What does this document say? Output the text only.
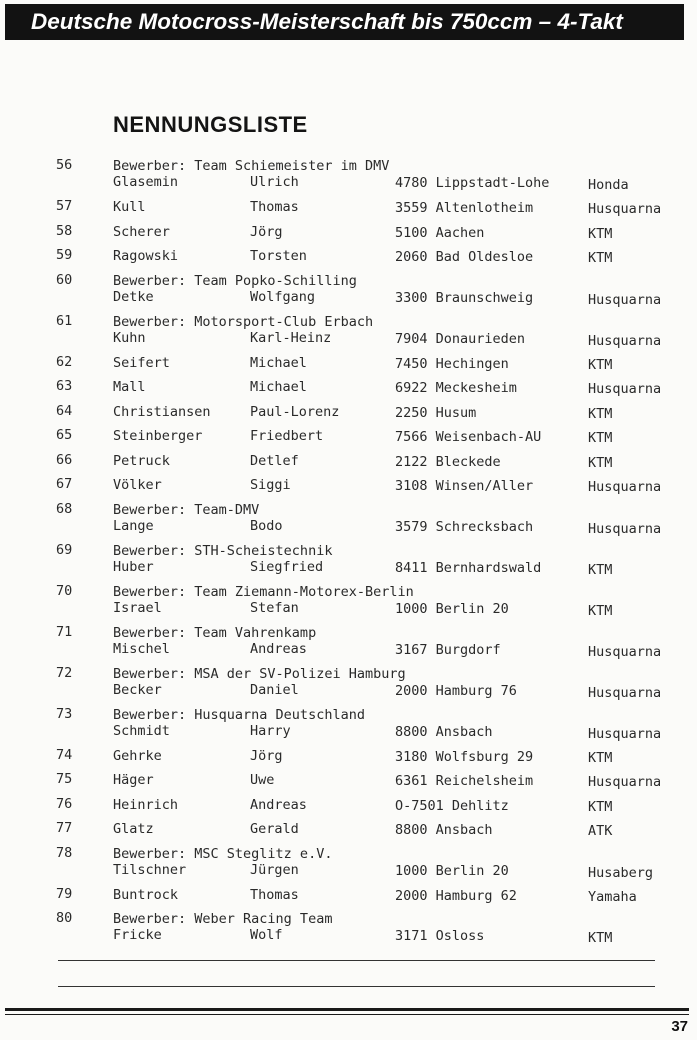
Deutsche Motocross-Meisterschaft bis 750ccm – 4-Takt
NENNUNGSLISTE
56	Bewerber: Team Schiemeister im DMV
Glasemin	Ulrich	4780 Lippstadt-Lohe	Honda
57	Kull	Thomas	3559 Altenlotheim	Husquarna
58	Scherer	Jörg	5100 Aachen	KTM
59	Ragowski	Torsten	2060 Bad Oldesloe	KTM
60	Bewerber: Team Popko-Schilling
Detke	Wolfgang	3300 Braunschweig	Husquarna
61	Bewerber: Motorsport-Club Erbach
Kuhn	Karl-Heinz	7904 Donaurieden	Husquarna
62	Seifert	Michael	7450 Hechingen	KTM
63	Mall	Michael	6922 Meckesheim	Husquarna
64	Christiansen	Paul-Lorenz	2250 Husum	KTM
65	Steinberger	Friedbert	7566 Weisenbach-AU	KTM
66	Petruck	Detlef	2122 Bleckede	KTM
67	Völker	Siggi	3108 Winsen/Aller	Husquarna
68	Bewerber: Team-DMV
Lange	Bodo	3579 Schrecksbach	Husquarna
69	Bewerber: STH-Scheistechnik
Huber	Siegfried	8411 Bernhardswald	KTM
70	Bewerber: Team Ziemann-Motorex-Berlin
Israel	Stefan	1000 Berlin 20	KTM
71	Bewerber: Team Vahrenkamp
Mischel	Andreas	3167 Burgdorf	Husquarna
72	Bewerber: MSA der SV-Polizei Hamburg
Becker	Daniel	2000 Hamburg 76	Husquarna
73	Bewerber: Husquarna Deutschland
Schmidt	Harry	8800 Ansbach	Husquarna
74	Gehrke	Jörg	3180 Wolfsburg 29	KTM
75	Häger	Uwe	6361 Reichelsheim	Husquarna
76	Heinrich	Andreas	O-7501 Dehlitz	KTM
77	Glatz	Gerald	8800 Ansbach	ATK
78	Bewerber: MSC Steglitz e.V.
Tilschner	Jürgen	1000 Berlin 20	Husaberg
79	Buntrock	Thomas	2000 Hamburg 62	Yamaha
80	Bewerber: Weber Racing Team
Fricke	Wolf	3171 Osloss	KTM
37
